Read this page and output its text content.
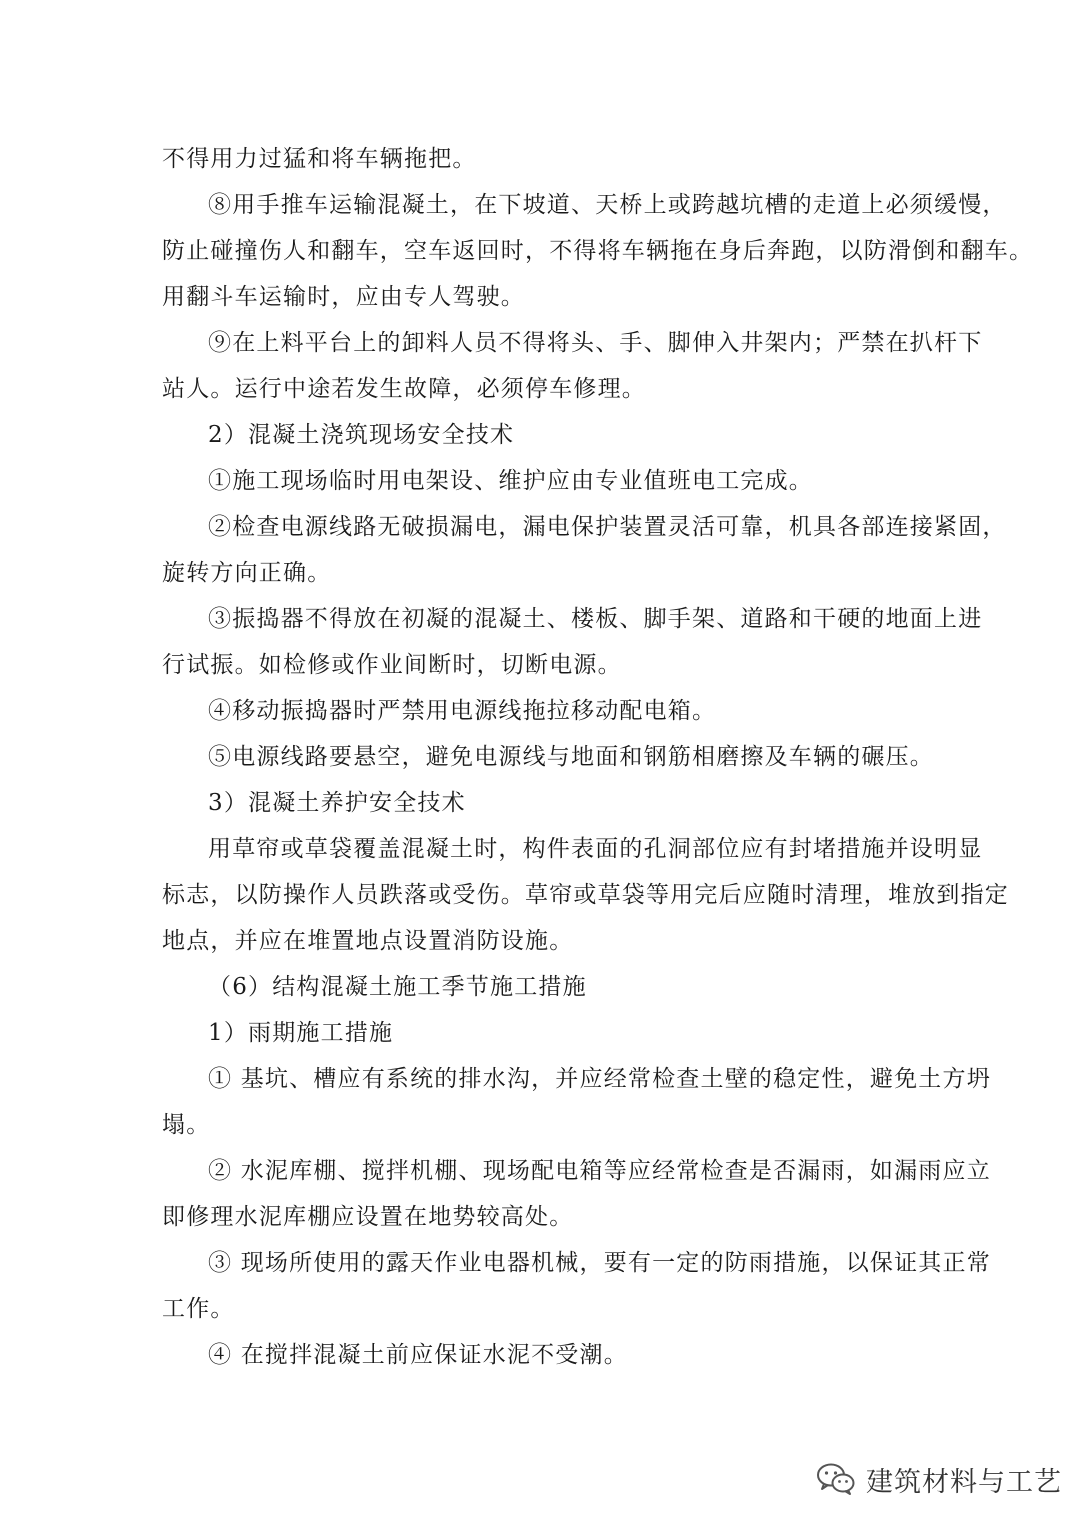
不得用力过猛和将车辆拖把。
⑧用手推车运输混凝土，在下坡道、天桥上或跨越坑槽的走道上必须缓慢，
防止碰撞伤人和翻车，空车返回时，不得将车辆拖在身后奔跑，以防滑倒和翻车。
用翻斗车运输时，应由专人驾驶。
⑨在上料平台上的卸料人员不得将头、手、脚伸入井架内；严禁在扒杆下
站人。运行中途若发生故障，必须停车修理。
2）混凝土浇筑现场安全技术
①施工现场临时用电架设、维护应由专业值班电工完成。
②检查电源线路无破损漏电，漏电保护装置灵活可靠，机具各部连接紧固，
旋转方向正确。
③振捣器不得放在初凝的混凝土、楼板、脚手架、道路和干硬的地面上进
行试振。如检修或作业间断时，切断电源。
④移动振捣器时严禁用电源线拖拉移动配电箱。
⑤电源线路要悬空，避免电源线与地面和钢筋相磨擦及车辆的碾压。
3）混凝土养护安全技术
用草帘或草袋覆盖混凝土时，构件表面的孔洞部位应有封堵措施并设明显
标志，以防操作人员跌落或受伤。草帘或草袋等用完后应随时清理，堆放到指定
地点，并应在堆置地点设置消防设施。
（6）结构混凝土施工季节施工措施
1）雨期施工措施
① 基坑、槽应有系统的排水沟，并应经常检查土壁的稳定性，避免土方坍
塌。
② 水泥库棚、搅拌机棚、现场配电箱等应经常检查是否漏雨，如漏雨应立
即修理水泥库棚应设置在地势较高处。
③ 现场所使用的露天作业电器机械，要有一定的防雨措施，以保证其正常
工作。
④ 在搅拌混凝土前应保证水泥不受潮。
建筑材料与工艺
